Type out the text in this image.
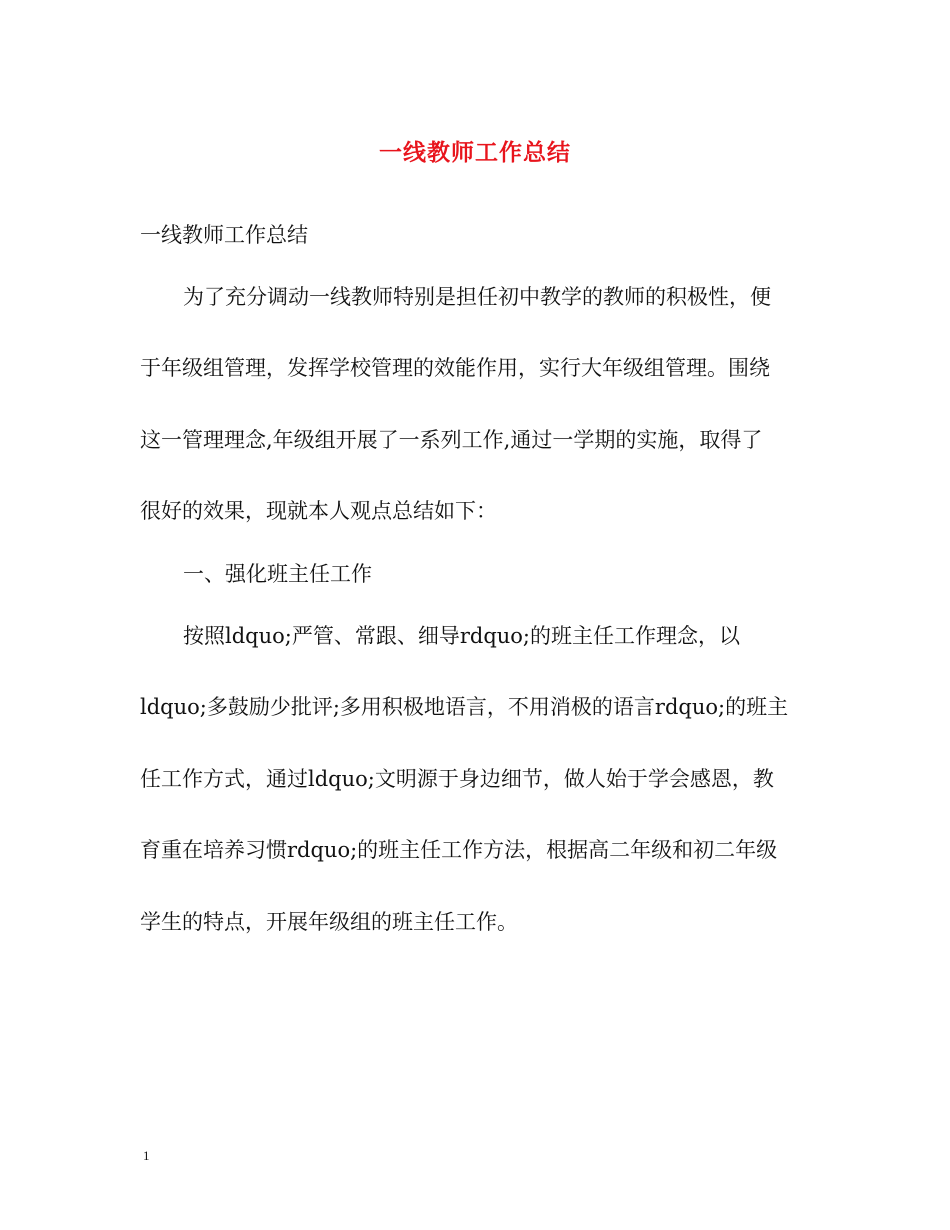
一线教师工作总结
一线教师工作总结
为了充分调动一线教师特别是担任初中教学的教师的积极性，便
于年级组管理，发挥学校管理的效能作用，实行大年级组管理。围绕
这一管理理念,年级组开展了一系列工作,通过一学期的实施，取得了
很好的效果，现就本人观点总结如下：
一、强化班主任工作
按照ldquo;严管、常跟、细导rdquo;的班主任工作理念，以
ldquo;多鼓励少批评;多用积极地语言，不用消极的语言rdquo;的班主
任工作方式，通过ldquo;文明源于身边细节，做人始于学会感恩，教
育重在培养习惯rdquo;的班主任工作方法，根据高二年级和初二年级
学生的特点，开展年级组的班主任工作。
1
